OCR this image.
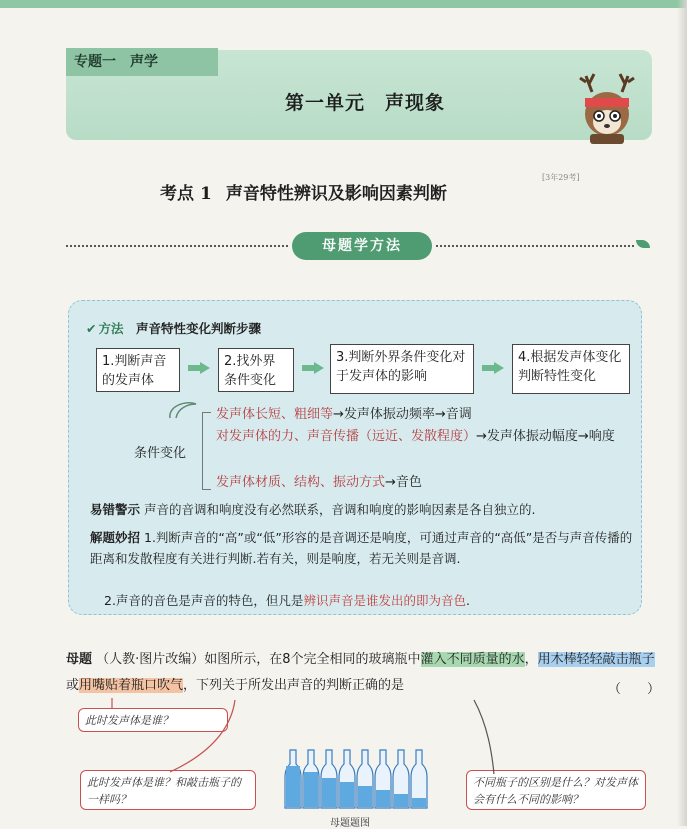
专题一　声学
第一单元　声现象
考点 1 声音特性辨识及影响因素判断
[3年29考]
母题学方法
✔ 方法　 声音特性变化判断步骤
1.判断声音的发声体
2.找外界条件变化
3.判断外界条件变化对于发声体的影响
4.根据发声体变化判断特性变化
条件变化
发声体长短、粗细等→发声体振动频率→音调
对发声体的力、声音传播（远近、发散程度）→发声体振动幅度→响度
发声体材质、结构、振动方式→音色
易错警示 声音的音调和响度没有必然联系，音调和响度的影响因素是各自独立的.
解题妙招 1.判断声音的“高”或“低”形容的是音调还是响度，可通过声音的“高低”是否与声音传播的距离和发散程度有关进行判断.若有关，则是响度，若无关则是音调.
2.声音的音色是声音的特色，但凡是辨识声音是谁发出的即为音色.
母题 （人教·图片改编）如图所示，在8个完全相同的玻璃瓶中灌入不同质量的水，用木棒轻轻敲击瓶子或用嘴贴着瓶口吹气，下列关于所发出声音的判断正确的是	（　　）
此时发声体是谁？
此时发声体是谁？和敲击瓶子的一样吗？
不同瓶子的区别是什么？对发声体会有什么不同的影响？
母题题图
